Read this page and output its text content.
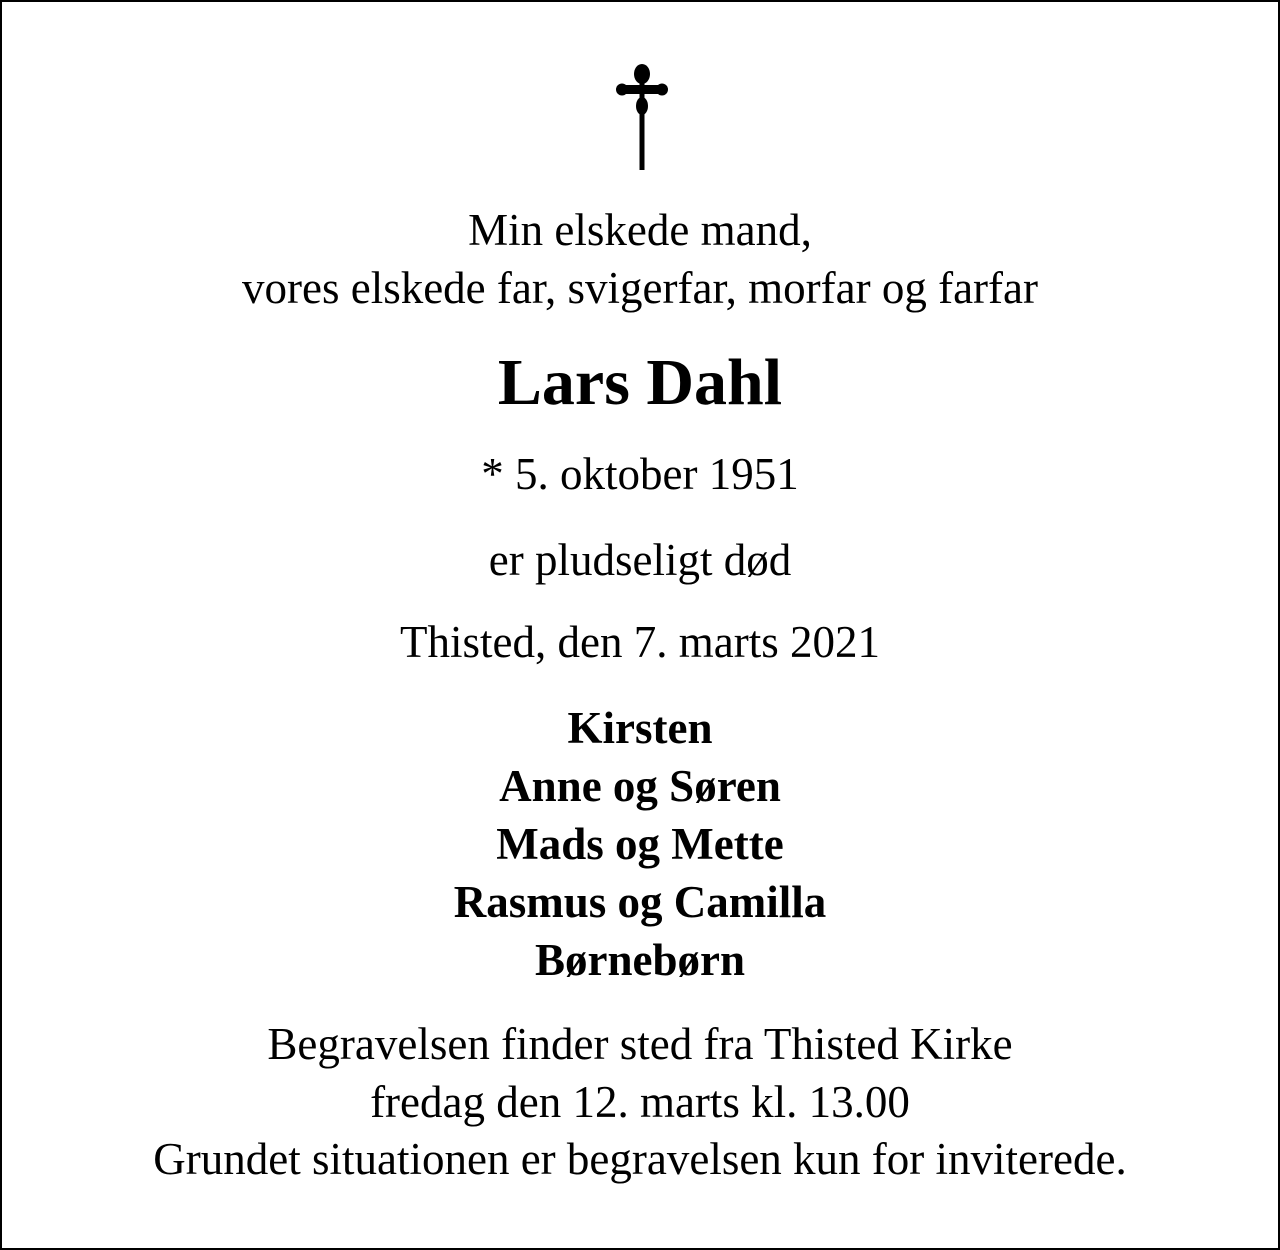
Min elskede mand,
vores elskede far, svigerfar, morfar og farfar
Lars Dahl
* 5. oktober 1951
er pludseligt død
Thisted, den 7. marts 2021
Kirsten
Anne og Søren
Mads og Mette
Rasmus og Camilla
Børnebørn
Begravelsen finder sted fra Thisted Kirke
fredag den 12. marts kl. 13.00
Grundet situationen er begravelsen kun for inviterede.
